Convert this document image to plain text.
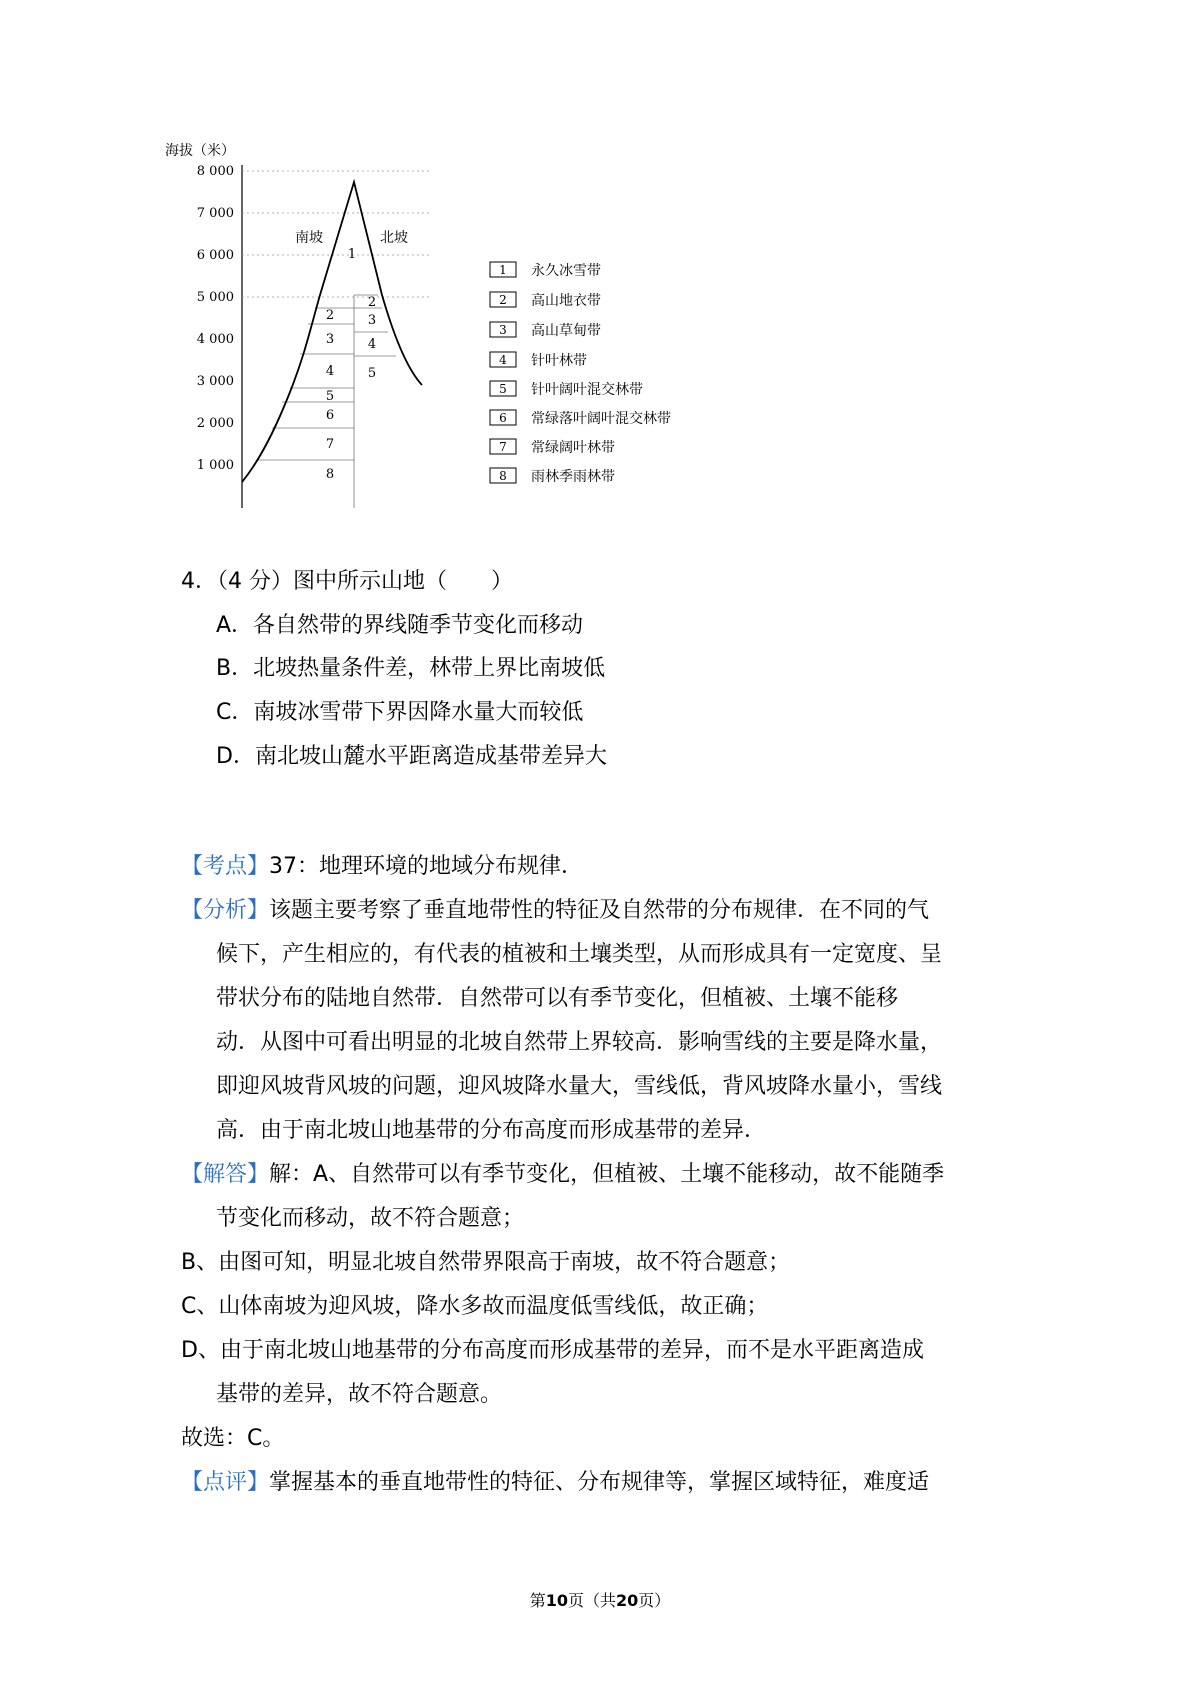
海拔（米）
8 000
7 000
6 000
5 000
4 000
3 000
2 000
1 000
南坡	北坡
1
2
3
4
5
6
7
8
2
3
4
5
1 永久冰雪带
2 高山地衣带
3 高山草甸带
4 针叶林带
5 针叶阔叶混交林带
6 常绿落叶阔叶混交林带
7 常绿阔叶林带
8 雨林季雨林带
4．（4 分）图中所示山地（　　）
A．各自然带的界线随季节变化而移动
B．北坡热量条件差，林带上界比南坡低
C．南坡冰雪带下界因降水量大而较低
D．南北坡山麓水平距离造成基带差异大
【考点】37：地理环境的地域分布规律．
【分析】该题主要考察了垂直地带性的特征及自然带的分布规律．在不同的气
候下，产生相应的，有代表的植被和土壤类型，从而形成具有一定宽度、呈
带状分布的陆地自然带．自然带可以有季节变化，但植被、土壤不能移
动．从图中可看出明显的北坡自然带上界较高．影响雪线的主要是降水量，
即迎风坡背风坡的问题，迎风坡降水量大，雪线低，背风坡降水量小，雪线
高．由于南北坡山地基带的分布高度而形成基带的差异．
【解答】解：A、自然带可以有季节变化，但植被、土壤不能移动，故不能随季
节变化而移动，故不符合题意；
B、由图可知，明显北坡自然带界限高于南坡，故不符合题意；
C、山体南坡为迎风坡，降水多故而温度低雪线低，故正确；
D、由于南北坡山地基带的分布高度而形成基带的差异，而不是水平距离造成
基带的差异，故不符合题意。
故选：C。
【点评】掌握基本的垂直地带性的特征、分布规律等，掌握区域特征，难度适
第10页（共20页）
